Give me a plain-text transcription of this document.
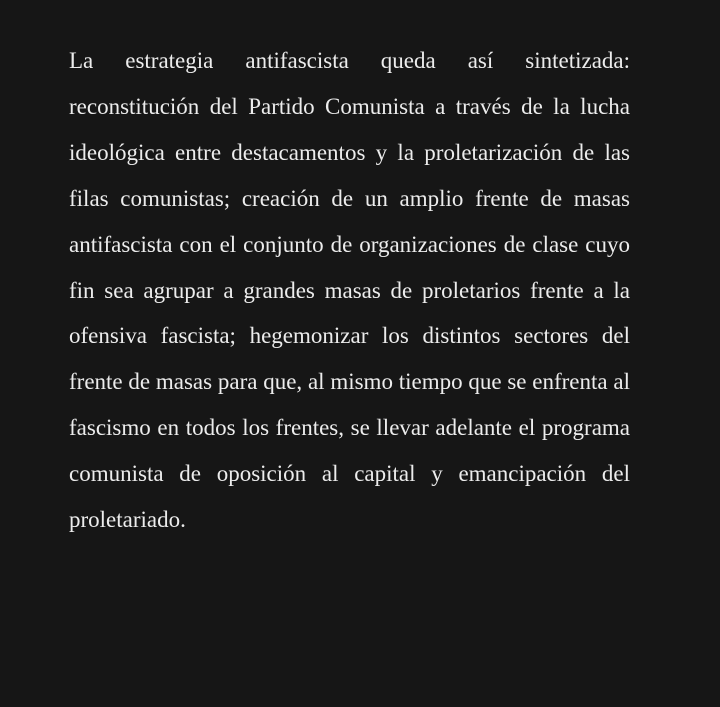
La estrategia antifascista queda así sintetizada: reconstitución del Partido Comunista a través de la lucha ideológica entre destacamentos y la proletarización de las filas comunistas; creación de un amplio frente de masas antifascista con el conjunto de organizaciones de clase cuyo fin sea agrupar a grandes masas de proletarios frente a la ofensiva fascista; hegemonizar los distintos sectores del frente de masas para que, al mismo tiempo que se enfrenta al fascismo en todos los frentes, se llevar adelante el programa comunista de oposición al capital y emancipación del proletariado.
